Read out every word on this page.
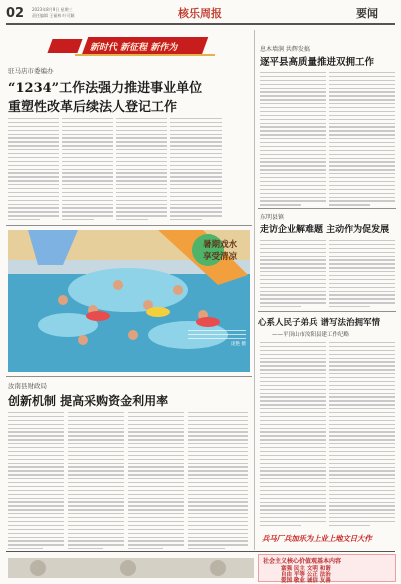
02 2023年8月9日 星期三
责任编辑 王福林 叶可颖	核乐周报	要闻
新时代 新征程 新作为
驻马店市委编办
“1234”工作法强力推进事业单位
重塑性改革后续法人登记工作
息木墙涧 共辉发搞
逐平县高质量推进双拥工作
东明县镇
走访企业解难题 主动作为促发展
暑期戏水
享受清凉
庞艳 摄
心系人民子弟兵 谱写法治拥军情
——平顶山市汝阳县建工作纪略
汝南县财政局
创新机制 提高采购资金利用率
兵马厂兵加乐为上业上地文日大作
社会主义核心价值观基本内容
富强 民主 文明 和谐
自由 平等 公正 法治
爱国 敬业 诚信 友善
